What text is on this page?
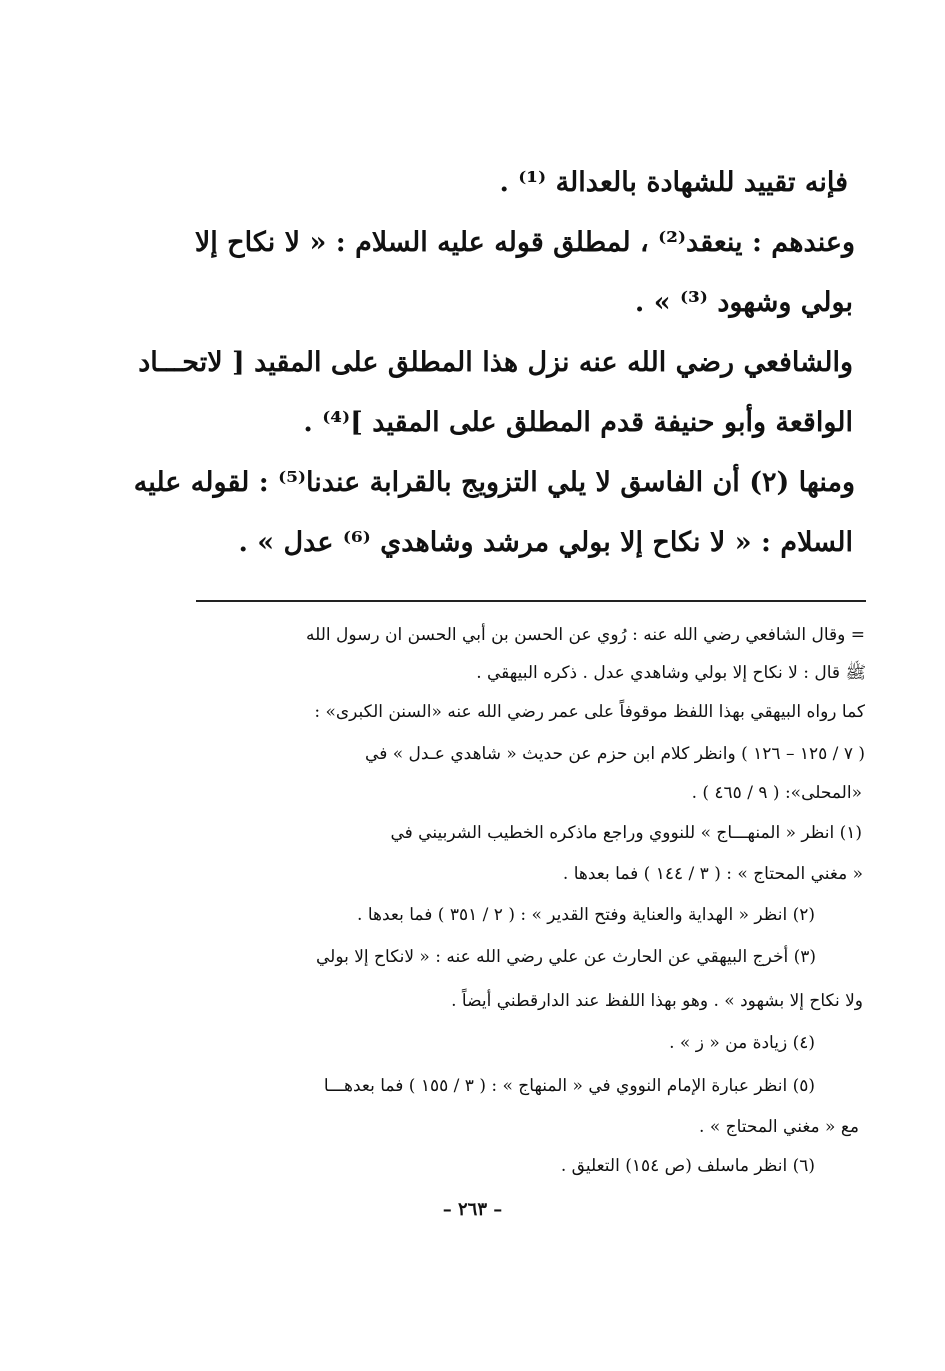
فإنه تقييد للشهادة بالعدالة ⁽¹⁾ .
وعندهم : ينعقد⁽²⁾ ، لمطلق قوله عليه السلام : « لا نكاح إلا
بولي وشهود ⁽³⁾ » .
والشافعي رضي الله عنه نزل هذا المطلق على المقيد [ لاتحـــاد
الواقعة وأبو حنيفة قدم المطلق على المقيد ]⁽⁴⁾ .
ومنها (٢) أن الفاسق لا يلي التزويج بالقرابة عندنا⁽⁵⁾ : لقوله عليه
السلام : « لا نكاح إلا بولي مرشد وشاهدي ⁽⁶⁾ عدل » .
= وقال الشافعي رضي الله عنه : رُوي عن الحسن بن أبي الحسن ان رسول الله
ﷺ قال : لا نكاح إلا بولي وشاهدي عدل . ذكره البيهقي .
كما رواه البيهقي بهذا اللفظ موقوفاً على عمر رضي الله عنه «السنن الكبرى» :
( ٧ / ١٢٥ – ١٢٦ ) وانظر كلام ابن حزم عن حديث « شاهدي عـدل » في
«المحلى»: ( ٩ / ٤٦٥ ) .
(١) انظر « المنهـــاج » للنووي وراجع ماذكره الخطيب الشربيني في
« مغني المحتاج » : ( ٣ / ١٤٤ ) فما بعدها .
(٢) انظر « الهداية والعناية وفتح القدير » : ( ٢ / ٣٥١ ) فما بعدها .
(٣) أخرج البيهقي عن الحارث عن علي رضي الله عنه : « لانكاح إلا بولي
ولا نكاح إلا بشهود » . وهو بهذا اللفظ عند الدارقطني أيضاً .
(٤) زيادة من « ز » .
(٥) انظر عبارة الإمام النووي في « المنهاج » : ( ٣ / ١٥٥ ) فما بعدهـــا
مع « مغني المحتاج » .
(٦) انظر ماسلف (ص ١٥٤) التعليق .
– ٢٦٣ –
